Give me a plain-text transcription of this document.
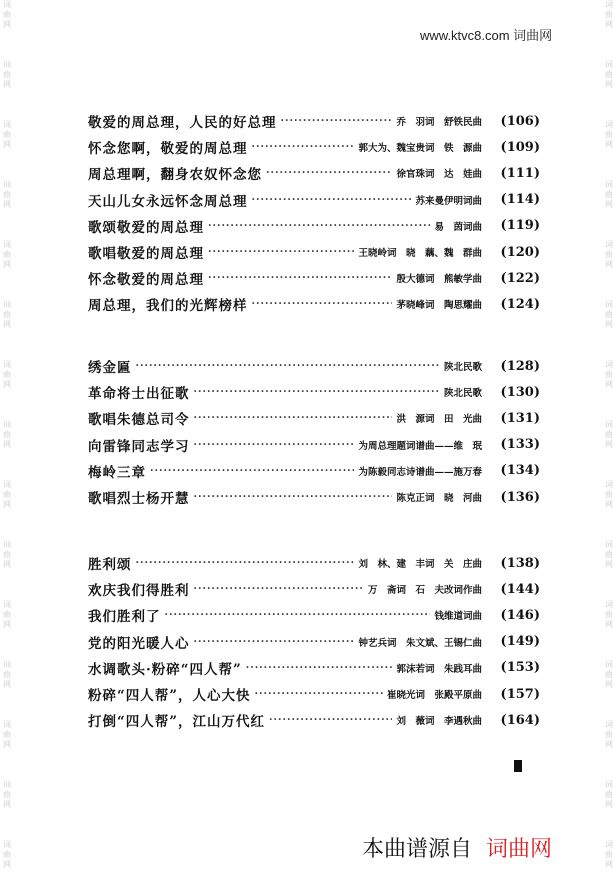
词
曲
网
词
曲
网
词
曲
网
词
曲
网
词
曲
网
词
曲
网
词
曲
网
词
曲
网
词
曲
网
词
曲
网
词
曲
网
词
曲
网
词
曲
网
词
曲
网
词
曲
网
词
曲
网
词
曲
网
词
曲
网
词
曲
网
词
曲
网
词
曲
网
词
曲
网
词
曲
网
词
曲
网
词
曲
网
词
曲
网
词
曲
网
词
曲
网
词
曲
网
词
曲
网
www.ktvc8.com 词曲网
敬爱的周总理，人民的好总理 .....	乔　羽词　舒铁民曲	(106)
怀念您啊，敬爱的周总理 .....	郭大为、魏宝贵词　铁　源曲	(109)
周总理啊，翻身农奴怀念您 .....	徐官珠词　达　娃曲	(111)
天山儿女永远怀念周总理 .....	苏来曼伊明词曲	(114)
歌颂敬爱的周总理 .....	易　茵词曲	(119)
歌唱敬爱的周总理 .....	王晓岭词　晓　藕、魏　群曲	(120)
怀念敬爱的周总理 .....	殷大德词　熊敏学曲	(122)
周总理，我们的光辉榜样 .....	茅晓峰词　陶思耀曲	(124)
绣金匾 .....	陕北民歌	(128)
革命将士出征歌 .....	陕北民歌	(130)
歌唱朱德总司令 .....	洪　源词　田　光曲	(131)
向雷锋同志学习 .....	为周总理题词谱曲——维　珉	(133)
梅岭三章 .....	为陈毅同志诗谱曲——施万春	(134)
歌唱烈士杨开慧 .....	陈克正词　晓　河曲	(136)
胜利颂 .....	刘　林、建　丰词　关　庄曲	(138)
欢庆我们得胜利 .....	万　斋词　石　夫改词作曲	(144)
我们胜利了 .....	钱维道词曲	(146)
党的阳光暖人心 .....	钟艺兵词　朱文斌、王锡仁曲	(149)
水调歌头·粉碎“四人帮” .....	郭沫若词　朱践耳曲	(153)
粉碎“四人帮”，人心大快 .....	崔晓光词　张殿平原曲	(157)
打倒“四人帮”，江山万代红 .....	刘　薇词　李遇秋曲	(164)
本曲谱源自 词曲网
